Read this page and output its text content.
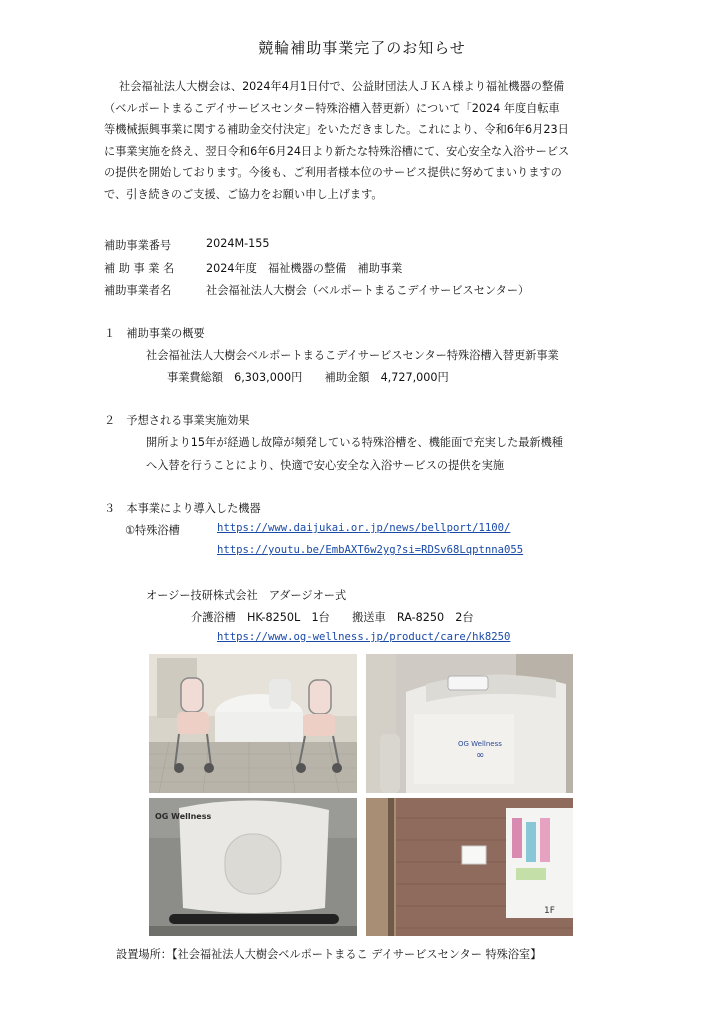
競輪補助事業完了のお知らせ
社会福祉法人大樹会は、2024年4月1日付で、公益財団法人ＪＫＡ様より福祉機器の整備
（ベルポートまるこデイサービスセンター特殊浴槽入替更新）について「2024 年度自転車
等機械振興事業に関する補助金交付決定」をいただきました。これにより、令和6年6月23日
に事業実施を終え、翌日令和6年6月24日より新たな特殊浴槽にて、安心安全な入浴サービス
の提供を開始しております。今後も、ご利用者様本位のサービス提供に努めてまいりますの
で、引き続きのご支援、ご協力をお願い申し上げます。
補助事業番号	2024M-155
補 助 事 業 名	2024年度　福祉機器の整備　補助事業
補助事業者名	社会福祉法人大樹会（ベルポートまるこデイサービスセンター）
１　補助事業の概要
社会福祉法人大樹会ベルポートまるこデイサービスセンター特殊浴槽入替更新事業
事業費総額　6,303,000円　　補助金額　4,727,000円
２　予想される事業実施効果
開所より15年が経過し故障が頻発している特殊浴槽を、機能面で充実した最新機種
へ入替を行うことにより、快適で安心安全な入浴サービスの提供を実施
３　本事業により導入した機器
①特殊浴槽	https://www.daijukai.or.jp/news/bellport/1100/
https://youtu.be/EmbAXT6w2yg?si=RDSv68Lqptnna055
オージー技研株式会社　アダージオー式
介護浴槽　HK-8250L　1台　　搬送車　RA-8250　2台
https://www.og-wellness.jp/product/care/hk8250
OG Wellness
∞
OG Wellness
1F
設置場所：【社会福祉法人大樹会ベルポートまるこ デイサービスセンター 特殊浴室】
